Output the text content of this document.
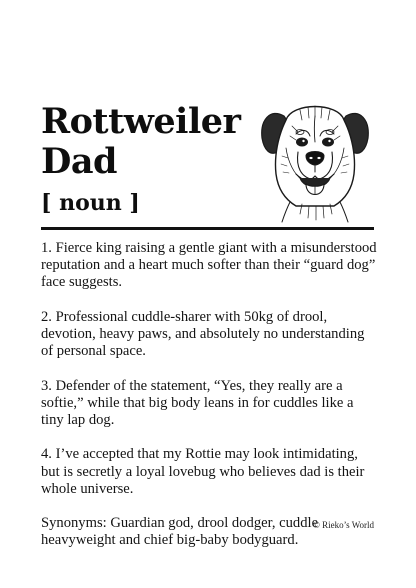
Rottweiler
Dad
[ noun ]

1. Fierce king raising a gentle giant with a misunderstood reputation and a heart much softer than their “guard dog” face suggests.

2. Professional cuddle-sharer with 50kg of drool, devotion, heavy paws, and absolutely no understanding of personal space.

3. Defender of the statement, “Yes, they really are a softie,” while that big body leans in for cuddles like a tiny lap dog.

4. I’ve accepted that my Rottie may look intimidating, but is secretly a loyal lovebug who believes dad is their whole universe.

Synonyms: Guardian god, drool dodger, cuddle heavyweight and chief big-baby bodyguard.

© Rieko’s World
